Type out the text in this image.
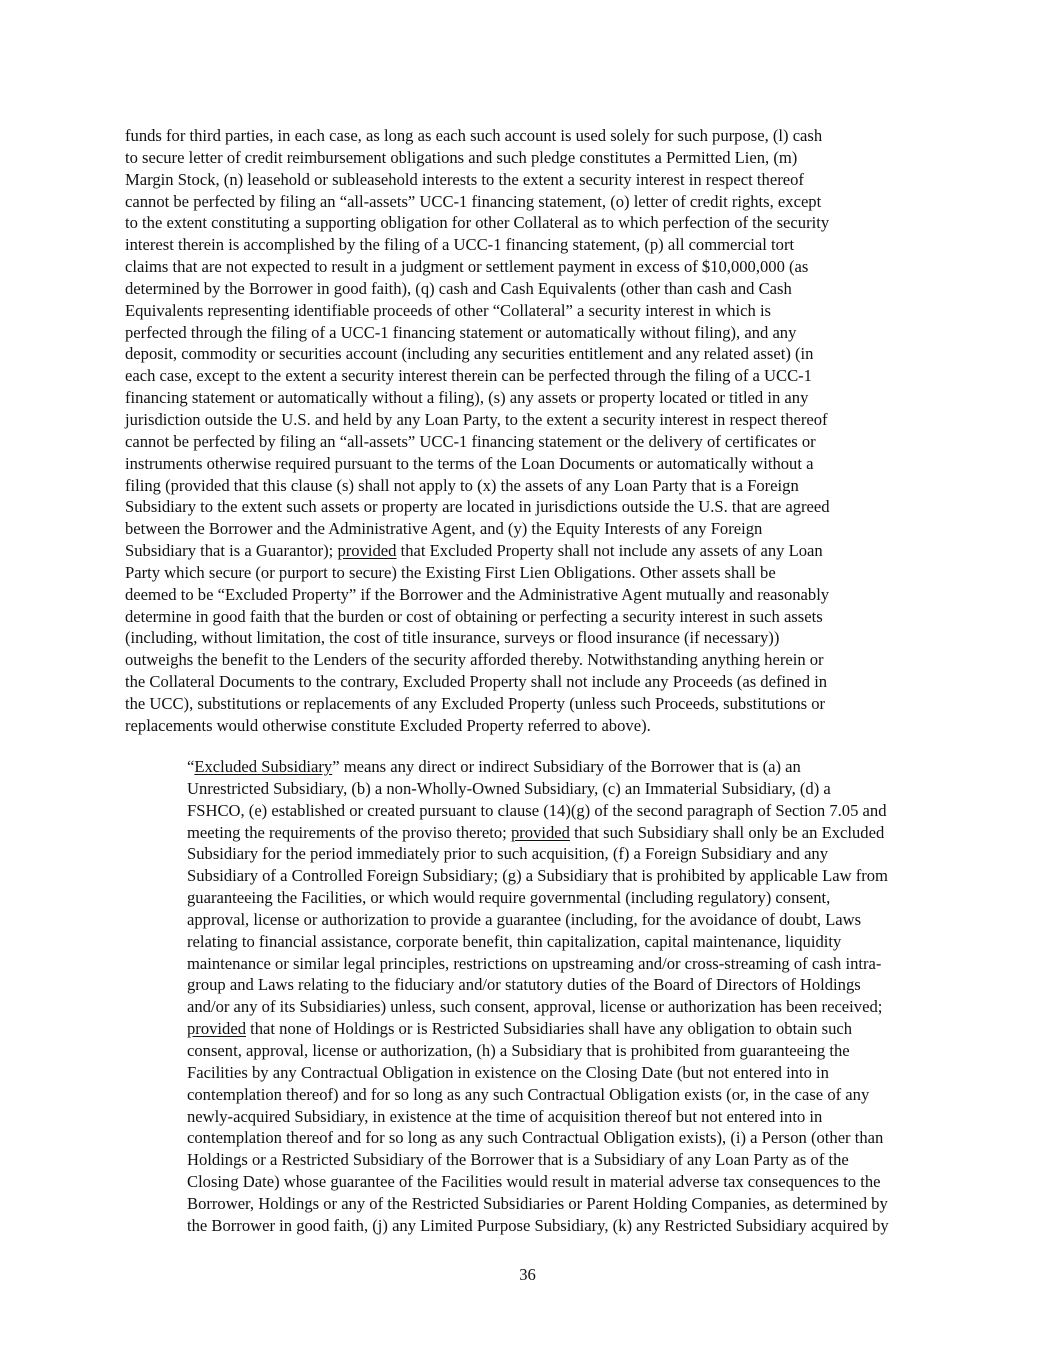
funds for third parties, in each case, as long as each such account is used solely for such purpose, (l) cash
to secure letter of credit reimbursement obligations and such pledge constitutes a Permitted Lien, (m)
Margin Stock, (n) leasehold or subleasehold interests to the extent a security interest in respect thereof
cannot be perfected by filing an “all-assets” UCC-1 financing statement, (o) letter of credit rights, except
to the extent constituting a supporting obligation for other Collateral as to which perfection of the security
interest therein is accomplished by the filing of a UCC-1 financing statement, (p) all commercial tort
claims that are not expected to result in a judgment or settlement payment in excess of $10,000,000 (as
determined by the Borrower in good faith), (q) cash and Cash Equivalents (other than cash and Cash
Equivalents representing identifiable proceeds of other “Collateral” a security interest in which is
perfected through the filing of a UCC-1 financing statement or automatically without filing), and any
deposit, commodity or securities account (including any securities entitlement and any related asset) (in
each case, except to the extent a security interest therein can be perfected through the filing of a UCC-1
financing statement or automatically without a filing), (s) any assets or property located or titled in any
jurisdiction outside the U.S. and held by any Loan Party, to the extent a security interest in respect thereof
cannot be perfected by filing an “all-assets” UCC-1 financing statement or the delivery of certificates or
instruments otherwise required pursuant to the terms of the Loan Documents or automatically without a
filing (provided that this clause (s) shall not apply to (x) the assets of any Loan Party that is a Foreign
Subsidiary to the extent such assets or property are located in jurisdictions outside the U.S. that are agreed
between the Borrower and the Administrative Agent, and (y) the Equity Interests of any Foreign
Subsidiary that is a Guarantor); provided that Excluded Property shall not include any assets of any Loan
Party which secure (or purport to secure) the Existing First Lien Obligations. Other assets shall be
deemed to be “Excluded Property” if the Borrower and the Administrative Agent mutually and reasonably
determine in good faith that the burden or cost of obtaining or perfecting a security interest in such assets
(including, without limitation, the cost of title insurance, surveys or flood insurance (if necessary))
outweighs the benefit to the Lenders of the security afforded thereby. Notwithstanding anything herein or
the Collateral Documents to the contrary, Excluded Property shall not include any Proceeds (as defined in
the UCC), substitutions or replacements of any Excluded Property (unless such Proceeds, substitutions or
replacements would otherwise constitute Excluded Property referred to above).

“Excluded Subsidiary” means any direct or indirect Subsidiary of the Borrower that is (a) an
Unrestricted Subsidiary, (b) a non-Wholly-Owned Subsidiary, (c) an Immaterial Subsidiary, (d) a
FSHCO, (e) established or created pursuant to clause (14)(g) of the second paragraph of Section 7.05 and
meeting the requirements of the proviso thereto; provided that such Subsidiary shall only be an Excluded
Subsidiary for the period immediately prior to such acquisition, (f) a Foreign Subsidiary and any
Subsidiary of a Controlled Foreign Subsidiary; (g) a Subsidiary that is prohibited by applicable Law from
guaranteeing the Facilities, or which would require governmental (including regulatory) consent,
approval, license or authorization to provide a guarantee (including, for the avoidance of doubt, Laws
relating to financial assistance, corporate benefit, thin capitalization, capital maintenance, liquidity
maintenance or similar legal principles, restrictions on upstreaming and/or cross-streaming of cash intra-
group and Laws relating to the fiduciary and/or statutory duties of the Board of Directors of Holdings
and/or any of its Subsidiaries) unless, such consent, approval, license or authorization has been received;
provided that none of Holdings or is Restricted Subsidiaries shall have any obligation to obtain such
consent, approval, license or authorization, (h) a Subsidiary that is prohibited from guaranteeing the
Facilities by any Contractual Obligation in existence on the Closing Date (but not entered into in
contemplation thereof) and for so long as any such Contractual Obligation exists (or, in the case of any
newly-acquired Subsidiary, in existence at the time of acquisition thereof but not entered into in
contemplation thereof and for so long as any such Contractual Obligation exists), (i) a Person (other than
Holdings or a Restricted Subsidiary of the Borrower that is a Subsidiary of any Loan Party as of the
Closing Date) whose guarantee of the Facilities would result in material adverse tax consequences to the
Borrower, Holdings or any of the Restricted Subsidiaries or Parent Holding Companies, as determined by
the Borrower in good faith, (j) any Limited Purpose Subsidiary, (k) any Restricted Subsidiary acquired by

36
